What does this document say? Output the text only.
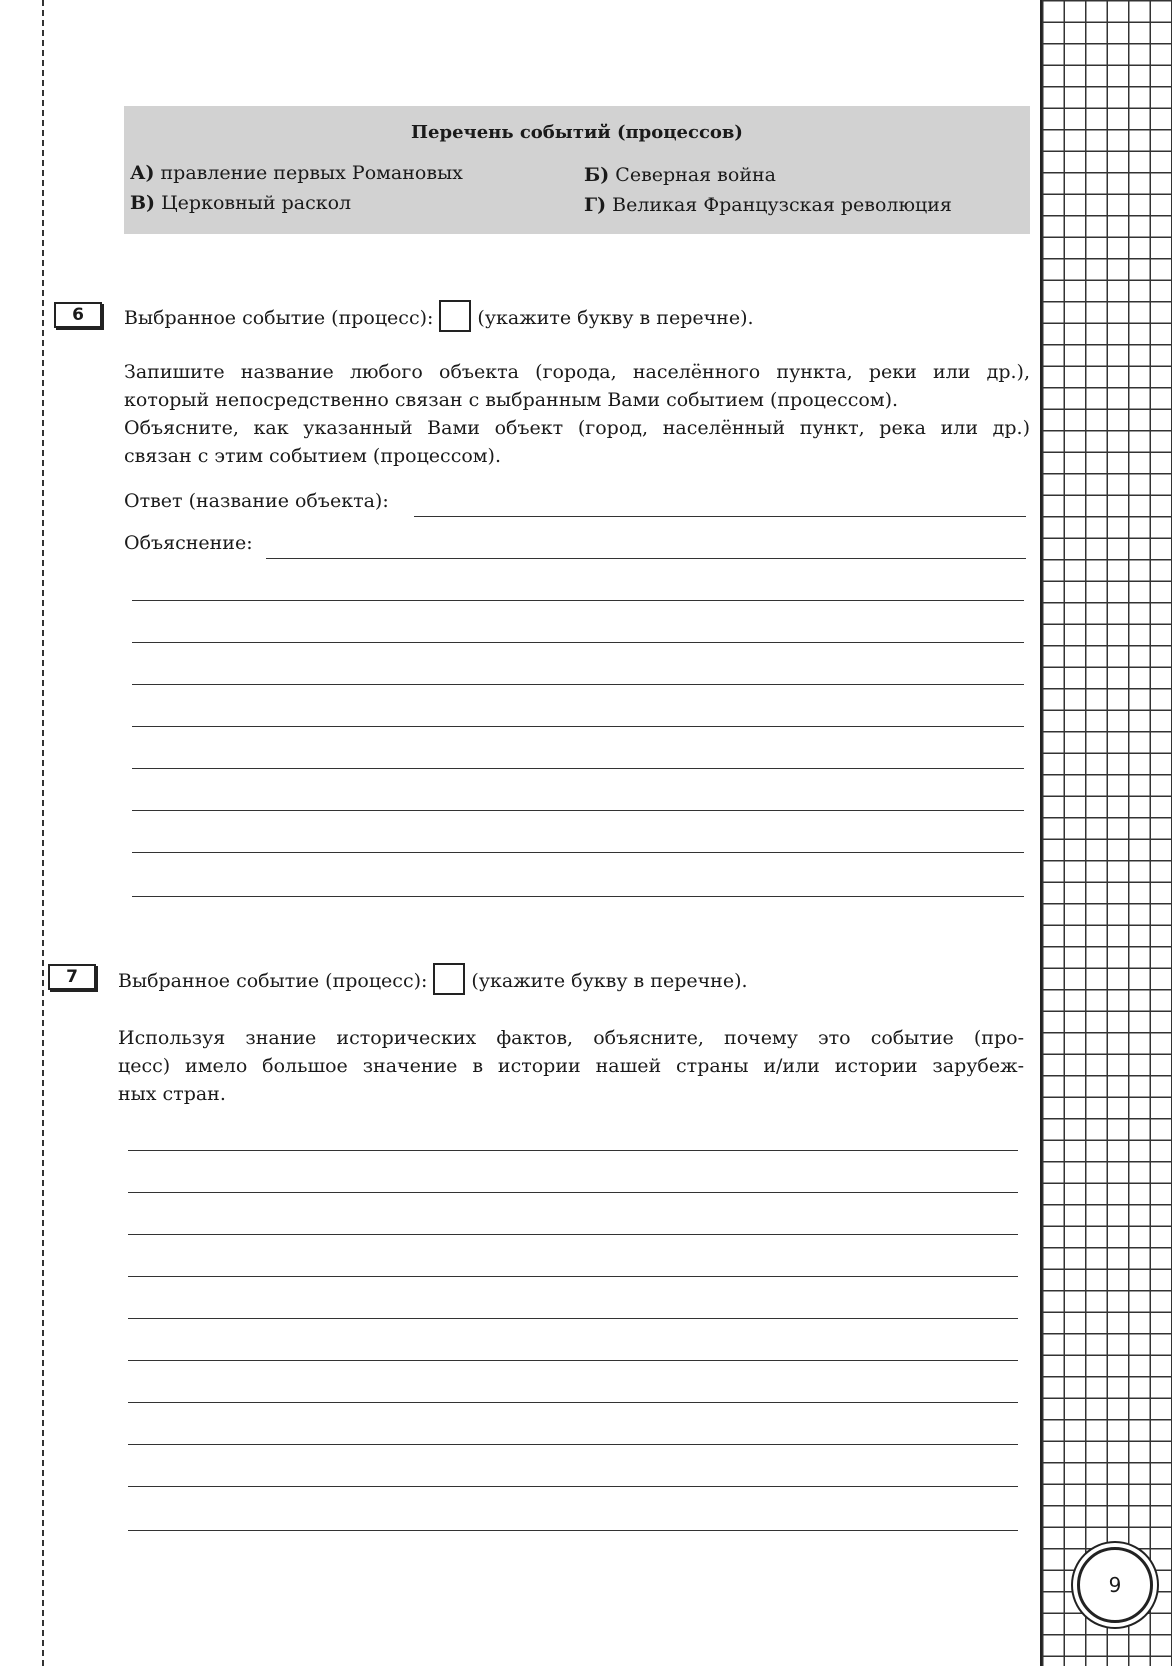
9
Перечень событий (процессов)
А) правление первых Романовых	Б) Северная война
В) Церковный раскол	Г) Великая Французская революция
6	Выбранное событие (процесс): (укажите букву в перечне).
Запишите название любого объекта (города, населённого пункта, реки или др.),
который непосредственно связан с выбранным Вами событием (процессом).
Объясните, как указанный Вами объект (город, населённый пункт, река или др.)
связан с этим событием (процессом).
Ответ (название объекта):
Объяснение:
7	Выбранное событие (процесс): (укажите букву в перечне).
Используя знание исторических фактов, объясните, почему это событие (про-
цесс) имело большое значение в истории нашей страны и/или истории зарубеж-
ных стран.
